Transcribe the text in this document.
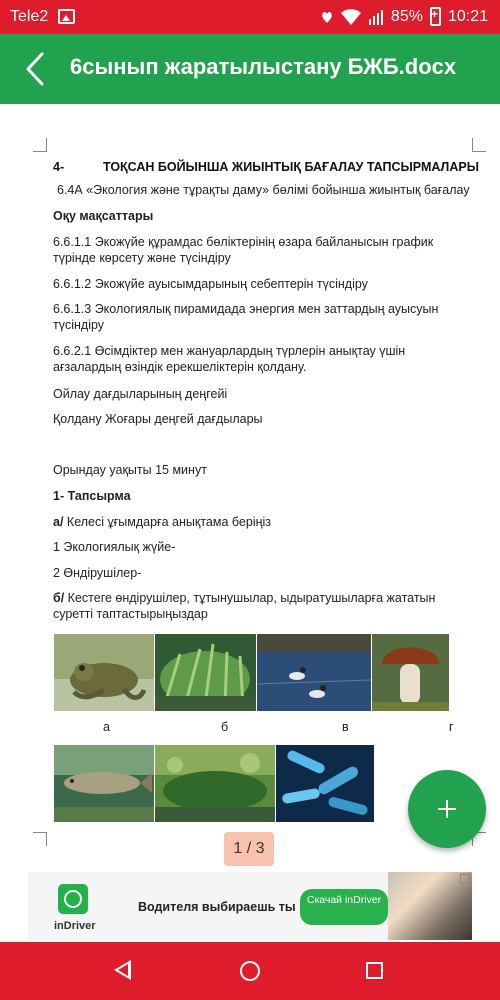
Tele2	85%
+ 10:21
6сынып жаратылыстану БЖБ.docx
4-	ТОҚСАН БОЙЫНША ЖИЫНТЫҚ БАҒАЛАУ ТАПСЫРМАЛАРЫ
6.4А «Экология және тұрақты даму» бөлімі бойынша жиынтық бағалау
Оқу мақсаттары
6.6.1.1 Экожүйе құрамдас бөліктерінің өзара байланысын график түрінде көрсету және түсіндіру
6.6.1.2 Экожүйе ауысымдарының себептерін түсіндіру
6.6.1.3 Экологиялық пирамидада энергия мен заттардың ауысуын түсіндіру
6.6.2.1 Өсімдіктер мен жануарлардың түрлерін анықтау үшін ағзалардың өзіндік ерекшеліктерін қолдану.
Ойлау дағдыларының деңгейі
Қолдану Жоғары деңгей дағдылары
Орындау уақыты 15 минут
1- Тапсырма
а/ Келесі ұғымдарға анықтама беріңіз
1 Экологиялық жүйе-
2 Өндірушілер-
б/ Кестеге өндірушілер, тұтынушылар, ыдыратушыларға жататын суретті таптастырыңыздар
а	б	в	г
1 / 3
inDriver
Водителя выбираешь ты	Скачай inDriver
